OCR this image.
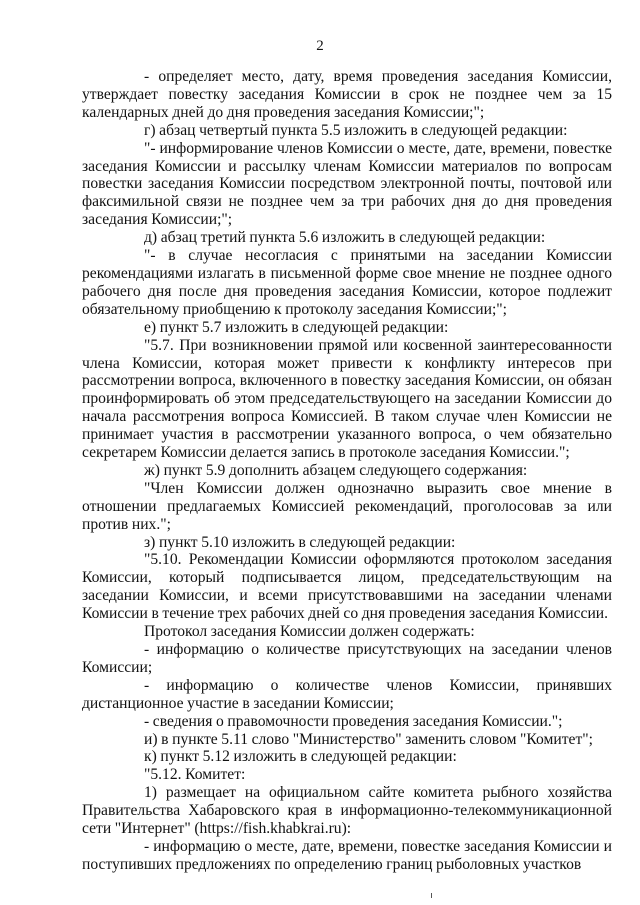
2

- определяет место, дату, время проведения заседания Комиссии, утверждает повестку заседания Комиссии в срок не позднее чем за 15 календарных дней до дня проведения заседания Комиссии;";

г) абзац четвертый пункта 5.5 изложить в следующей редакции:

"- информирование членов Комиссии о месте, дате, времени, повестке заседания Комиссии и рассылку членам Комиссии материалов по вопросам повестки заседания Комиссии посредством электронной почты, почтовой или факсимильной связи не позднее чем за три рабочих дня до дня проведения заседания Комиссии;";

д) абзац третий пункта 5.6 изложить в следующей редакции:

"- в случае несогласия с принятыми на заседании Комиссии рекомендациями излагать в письменной форме свое мнение не позднее одного рабочего дня после дня проведения заседания Комиссии, которое подлежит обязательному приобщению к протоколу заседания Комиссии;";

е) пункт 5.7 изложить в следующей редакции:

"5.7. При возникновении прямой или косвенной заинтересованности члена Комиссии, которая может привести к конфликту интересов при рассмотрении вопроса, включенного в повестку заседания Комиссии, он обязан проинформировать об этом председательствующего на заседании Комиссии до начала рассмотрения вопроса Комиссией. В таком случае член Комиссии не принимает участия в рассмотрении указанного вопроса, о чем обязательно секретарем Комиссии делается запись в протоколе заседания Комиссии.";

ж) пункт 5.9 дополнить абзацем следующего содержания:

"Член Комиссии должен однозначно выразить свое мнение в отношении предлагаемых Комиссией рекомендаций, проголосовав за или против них.";

з) пункт 5.10 изложить в следующей редакции:

"5.10. Рекомендации Комиссии оформляются протоколом заседания Комиссии, который подписывается лицом, председательствующим на заседании Комиссии, и всеми присутствовавшими на заседании членами Комиссии в течение трех рабочих дней со дня проведения заседания Комиссии.

Протокол заседания Комиссии должен содержать:

- информацию о количестве присутствующих на заседании членов Комиссии;

- информацию о количестве членов Комиссии, принявших дистанционное участие в заседании Комиссии;

- сведения о правомочности проведения заседания Комиссии.";

и) в пункте 5.11 слово "Министерство" заменить словом "Комитет";

к) пункт 5.12 изложить в следующей редакции:

"5.12. Комитет:

1) размещает на официальном сайте комитета рыбного хозяйства Правительства Хабаровского края в информационно-телекоммуникационной сети "Интернет" (https://fish.khabkrai.ru):

- информацию о месте, дате, времени, повестке заседания Комиссии и поступивших предложениях по определению границ рыболовных участков
